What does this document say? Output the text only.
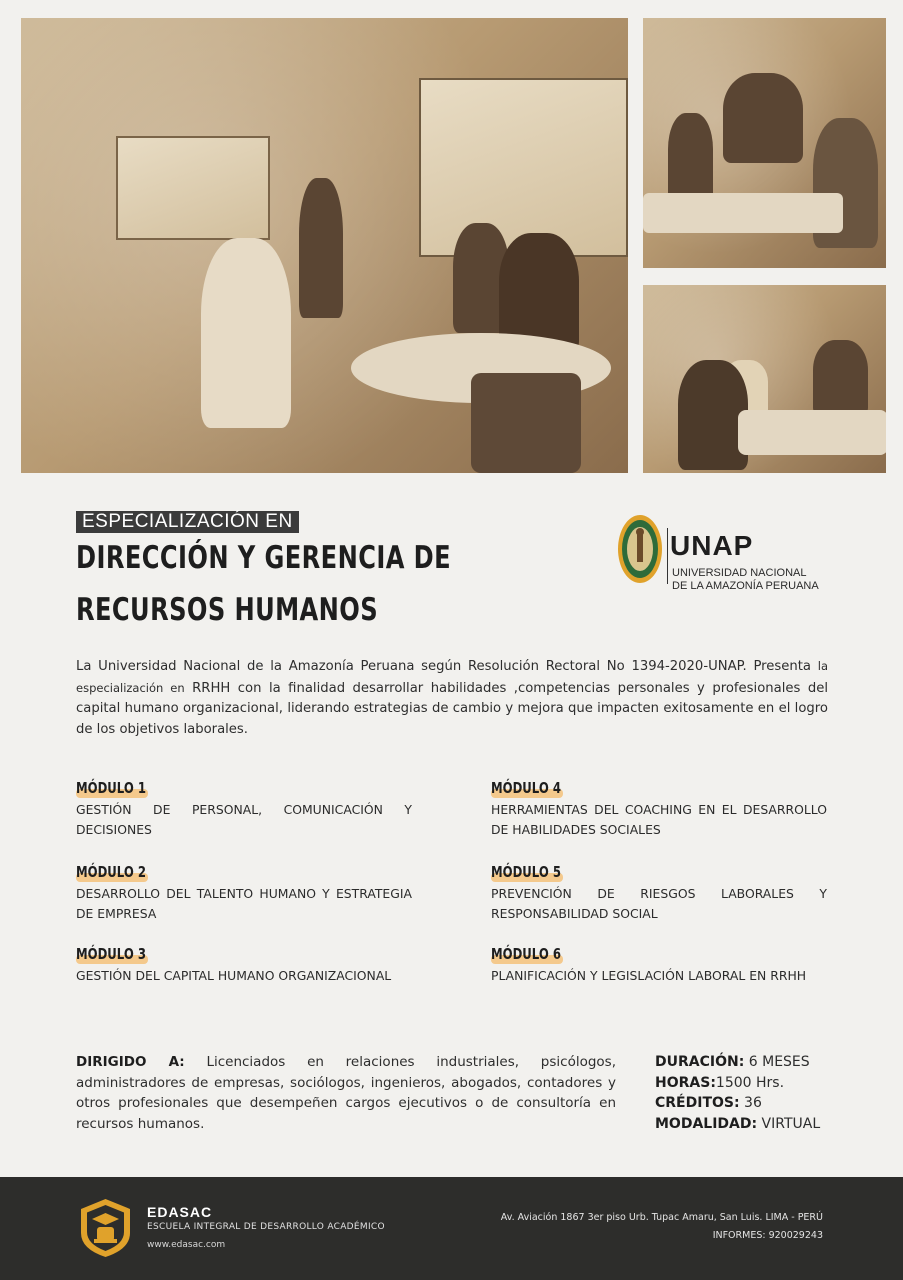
ESPECIALIZACIÓN EN
DIRECCIÓN Y GERENCIA DE
RECURSOS HUMANOS
UNAP
UNIVERSIDAD NACIONAL
DE LA AMAZONÍA PERUANA
La Universidad Nacional de la Amazonía Peruana según Resolución Rectoral No 1394-2020-UNAP. Presenta la especialización en RRHH con la finalidad desarrollar habilidades ,competencias personales y profesionales del capital humano organizacional, liderando estrategias de cambio y mejora que impacten exitosamente en el logro de los objetivos laborales.
MÓDULO 1
GESTIÓN DE PERSONAL, COMUNICACIÓN Y DECISIONES
MÓDULO 2
DESARROLLO DEL TALENTO HUMANO Y ESTRATEGIA DE EMPRESA
MÓDULO 3
GESTIÓN DEL CAPITAL HUMANO ORGANIZACIONAL
MÓDULO 4
HERRAMIENTAS DEL COACHING EN EL DESARROLLO DE HABILIDADES SOCIALES
MÓDULO 5
PREVENCIÓN DE RIESGOS LABORALES Y RESPONSABILIDAD SOCIAL
MÓDULO 6
PLANIFICACIÓN Y LEGISLACIÓN LABORAL EN RRHH
DIRIGIDO A: Licenciados en relaciones industriales, psicólogos, administradores de empresas, sociólogos, ingenieros, abogados, contadores y otros profesionales que desempeñen cargos ejecutivos o de consultoría en recursos humanos.
DURACIÓN: 6 MESES
HORAS:1500 Hrs.
CRÉDITOS: 36
MODALIDAD: VIRTUAL
EDASAC
ESCUELA INTEGRAL DE DESARROLLO ACADÉMICO
www.edasac.com
Av. Aviación 1867 3er piso Urb. Tupac Amaru, San Luis. LIMA - PERÚ
INFORMES: 920029243
